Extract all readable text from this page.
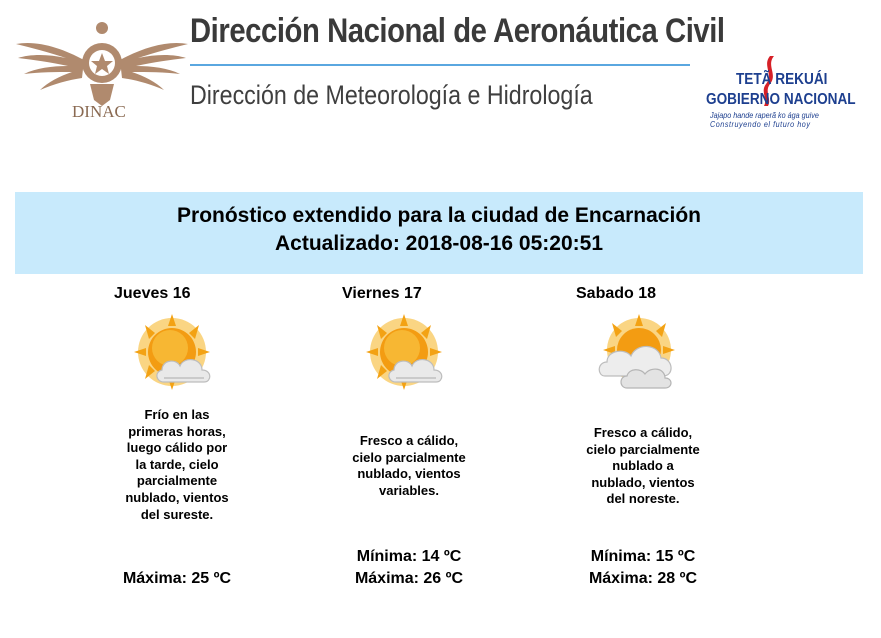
DINAC
Dirección Nacional de Aeronáutica Civil
Dirección de Meteorología e Hidrología
TETÃ REKUÁI
GOBIERNO NACIONAL
Jajapo hande raperã ko ága guive
Construyendo el futuro hoy
Pronóstico extendido para la ciudad de Encarnación
Actualizado: 2018-08-16 05:20:51
Jueves 16
Frío en las
primeras horas,
luego cálido por
la tarde, cielo
parcialmente
nublado, vientos
del sureste.
Máxima: 25 ºC
Viernes 17
Fresco a cálido,
cielo parcialmente
nublado, vientos
variables.
Mínima: 14 ºC
Máxima: 26 ºC
Sabado 18
Fresco a cálido,
cielo parcialmente
nublado a
nublado, vientos
del noreste.
Mínima: 15 ºC
Máxima: 28 ºC
